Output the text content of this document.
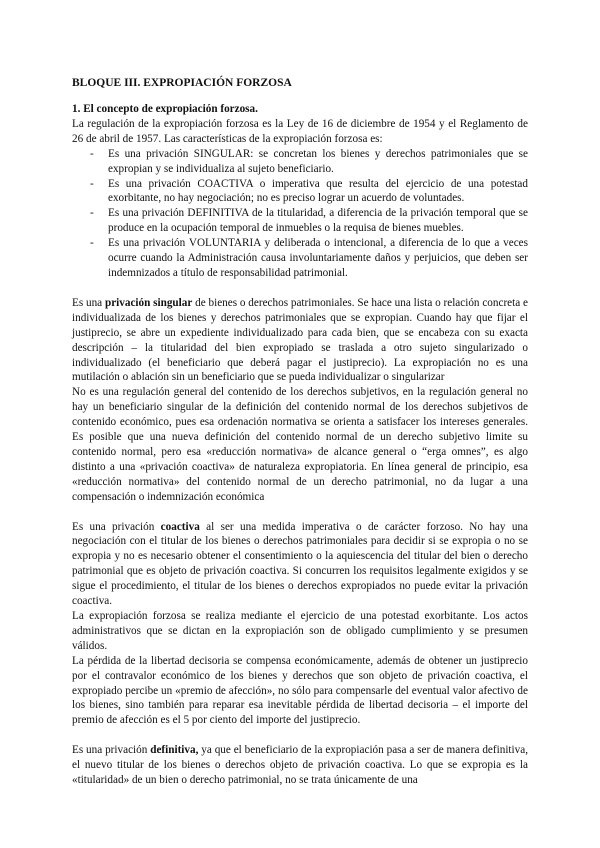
BLOQUE III. EXPROPIACIÓN FORZOSA

1. El concepto de expropiación forzosa.

La regulación de la expropiación forzosa es la Ley de 16 de diciembre de 1954 y el Reglamento de 26 de abril de 1957. Las características de la expropiación forzosa es:

- Es una privación SINGULAR: se concretan los bienes y derechos patrimoniales que se expropian y se individualiza al sujeto beneficiario.
- Es una privación COACTIVA o imperativa que resulta del ejercicio de una potestad exorbitante, no hay negociación; no es preciso lograr un acuerdo de voluntades.
- Es una privación DEFINITIVA de la titularidad, a diferencia de la privación temporal que se produce en la ocupación temporal de inmuebles o la requisa de bienes muebles.
- Es una privación VOLUNTARIA y deliberada o intencional, a diferencia de lo que a veces ocurre cuando la Administración causa involuntariamente daños y perjuicios, que deben ser indemnizados a título de responsabilidad patrimonial.

Es una privación singular de bienes o derechos patrimoniales. Se hace una lista o relación concreta e individualizada de los bienes y derechos patrimoniales que se expropian. Cuando hay que fijar el justiprecio, se abre un expediente individualizado para cada bien, que se encabeza con su exacta descripción – la titularidad del bien expropiado se traslada a otro sujeto singularizado o individualizado (el beneficiario que deberá pagar el justiprecio). La expropiación no es una mutilación o ablación sin un beneficiario que se pueda individualizar o singularizar

No es una regulación general del contenido de los derechos subjetivos, en la regulación general no hay un beneficiario singular de la definición del contenido normal de los derechos subjetivos de contenido económico, pues esa ordenación normativa se orienta a satisfacer los intereses generales. Es posible que una nueva definición del contenido normal de un derecho subjetivo limite su contenido normal, pero esa «reducción normativa» de alcance general o “erga omnes”, es algo distinto a una «privación coactiva» de naturaleza expropiatoria. En línea general de principio, esa «reducción normativa» del contenido normal de un derecho patrimonial, no da lugar a una compensación o indemnización económica

Es una privación coactiva al ser una medida imperativa o de carácter forzoso. No hay una negociación con el titular de los bienes o derechos patrimoniales para decidir si se expropia o no se expropia y no es necesario obtener el consentimiento o la aquiescencia del titular del bien o derecho patrimonial que es objeto de privación coactiva. Si concurren los requisitos legalmente exigidos y se sigue el procedimiento, el titular de los bienes o derechos expropiados no puede evitar la privación coactiva.

La expropiación forzosa se realiza mediante el ejercicio de una potestad exorbitante. Los actos administrativos que se dictan en la expropiación son de obligado cumplimiento y se presumen válidos.

La pérdida de la libertad decisoria se compensa económicamente, además de obtener un justiprecio por el contravalor económico de los bienes y derechos que son objeto de privación coactiva, el expropiado percibe un «premio de afección», no sólo para compensarle del eventual valor afectivo de los bienes, sino también para reparar esa inevitable pérdida de libertad decisoria – el importe del premio de afección es el 5 por ciento del importe del justiprecio.

Es una privación definitiva, ya que el beneficiario de la expropiación pasa a ser de manera definitiva, el nuevo titular de los bienes o derechos objeto de privación coactiva. Lo que se expropia es la «titularidad» de un bien o derecho patrimonial, no se trata únicamente de una
